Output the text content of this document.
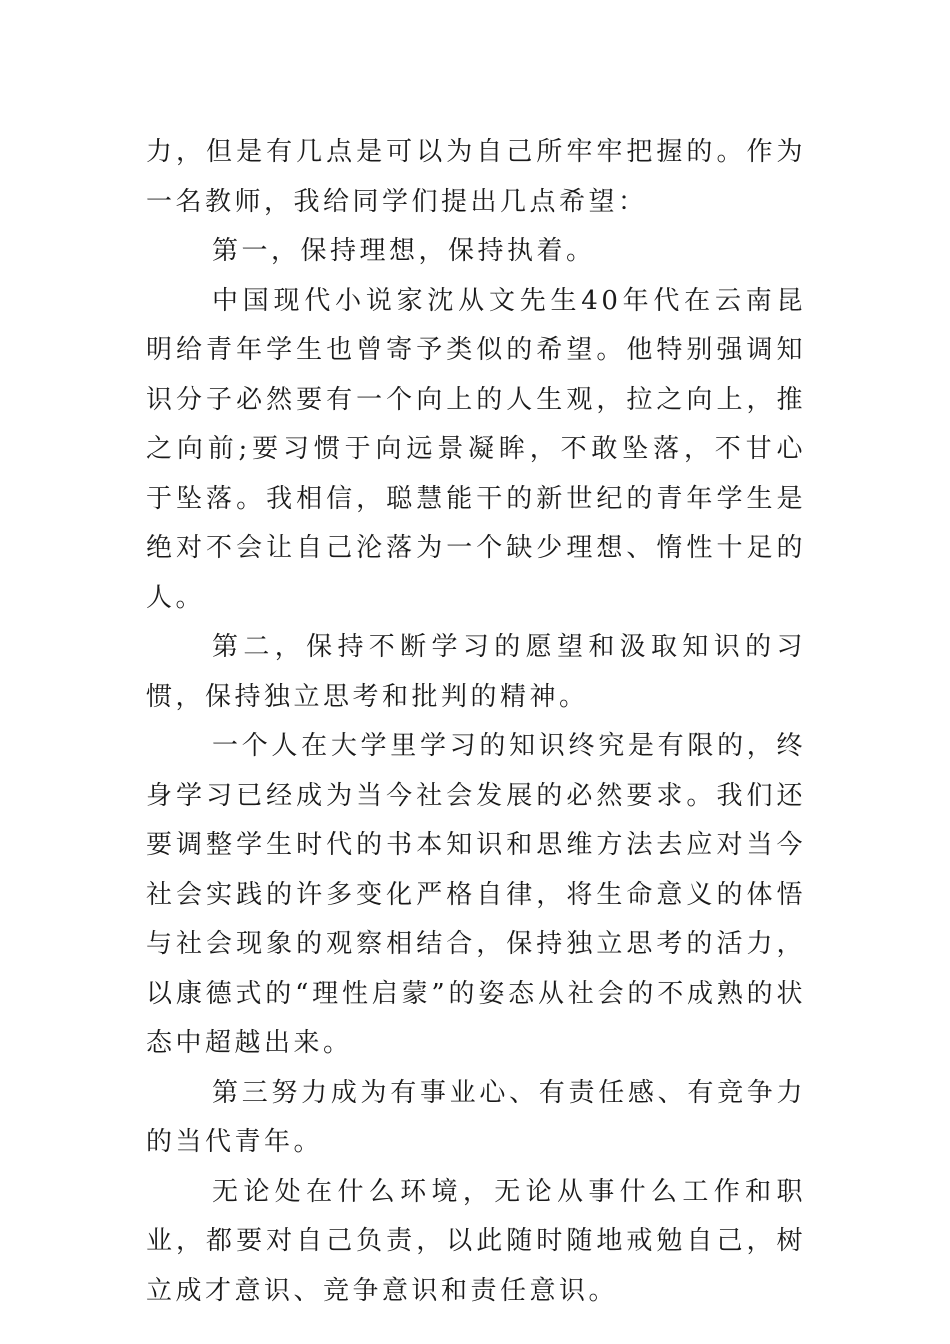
力，但是有几点是可以为自己所牢牢把握的。作为一名教师，我给同学们提出几点希望：

第一，保持理想，保持执着。

中国现代小说家沈从文先生40年代在云南昆明给青年学生也曾寄予类似的希望。他特别强调知识分子必然要有一个向上的人生观，拉之向上，推之向前;要习惯于向远景凝眸，不敢坠落，不甘心于坠落。我相信，聪慧能干的新世纪的青年学生是绝对不会让自己沦落为一个缺少理想、惰性十足的人。

第二，保持不断学习的愿望和汲取知识的习惯，保持独立思考和批判的精神。

一个人在大学里学习的知识终究是有限的，终身学习已经成为当今社会发展的必然要求。我们还要调整学生时代的书本知识和思维方法去应对当今社会实践的许多变化严格自律，将生命意义的体悟与社会现象的观察相结合，保持独立思考的活力，以康德式的“理性启蒙”的姿态从社会的不成熟的状态中超越出来。

第三努力成为有事业心、有责任感、有竞争力的当代青年。

无论处在什么环境，无论从事什么工作和职业，都要对自己负责，以此随时随地戒勉自己，树立成才意识、竞争意识和责任意识。
